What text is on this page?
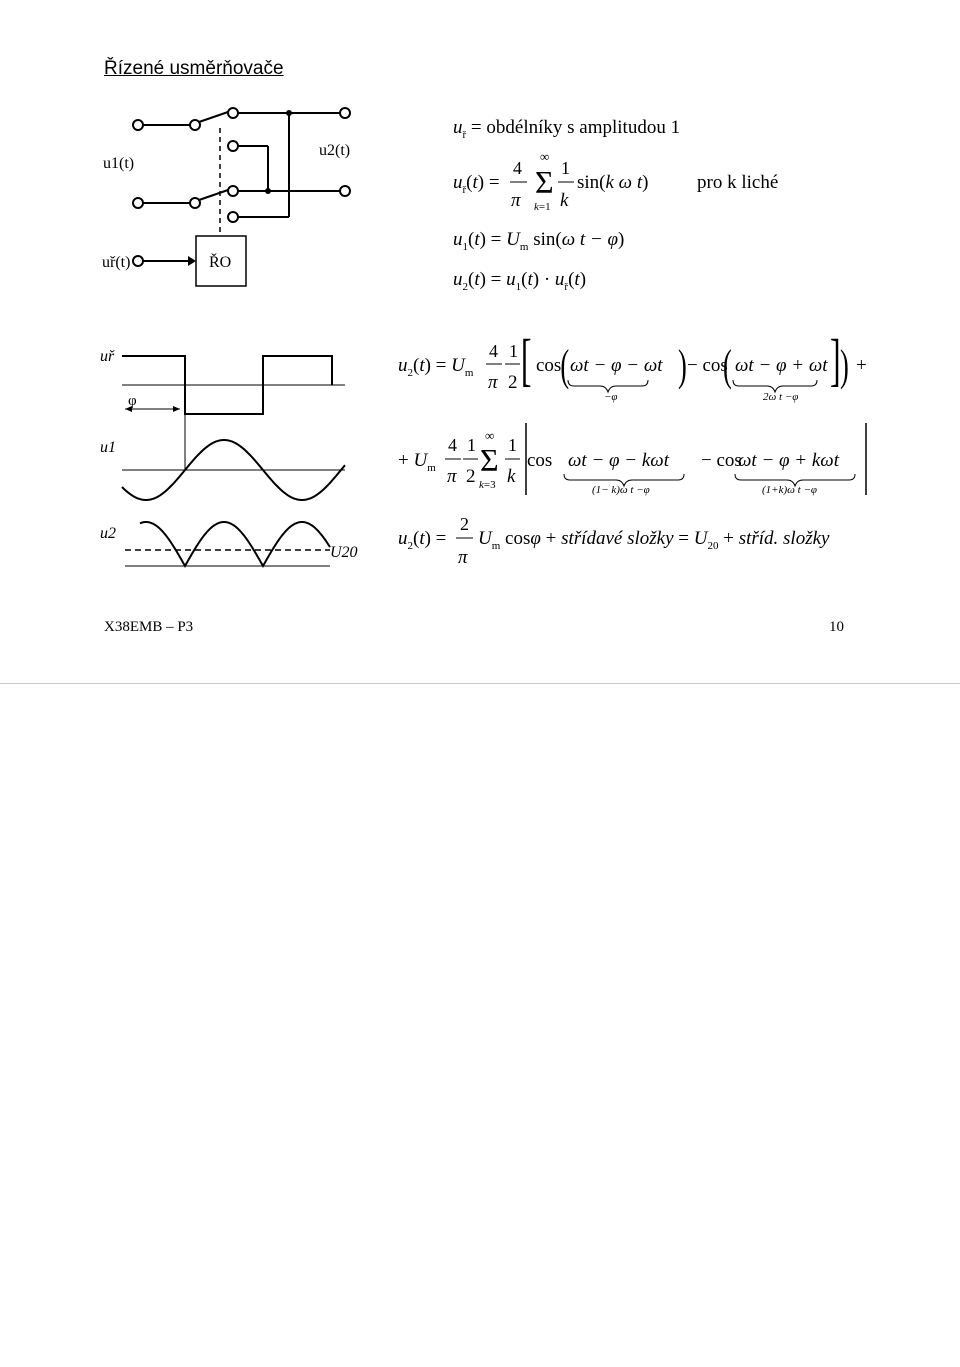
Řízené usměrňovače
u1(t)
u2(t)
uř(t)	ŘO
$u_ř$ = obdélníky s amplitudou 1
$u_ř(t)$ =
4
π
∞
Σ
k=1
1
k
sin(k ω t)	pro k liché
$u_1(t) = U_m$ sin(ω t − φ)
$u_2(t) = u_1(t) \cdot u_ř(t)$
uř
φ
u1
u2
U20
$u_2(t) = U_m$
4
π
1
2 [ cos ( ωt − φ − ωt ) − cos
( ωt − φ + ωt )
] +
−φ	2ω t −φ
+ $U_m$
4
π
1
2
∞
Σ
k=3
1
k
cos ωt − φ − kωt − cos
ωt − φ + kωt
(1− k)ω t −φ	(1+k)ω t −φ
$u_2(t)$ =
2
π
$U_m$ cosφ + střídavé složky = $U_{20}$ + stříd. složky
X38EMB – P3	10
